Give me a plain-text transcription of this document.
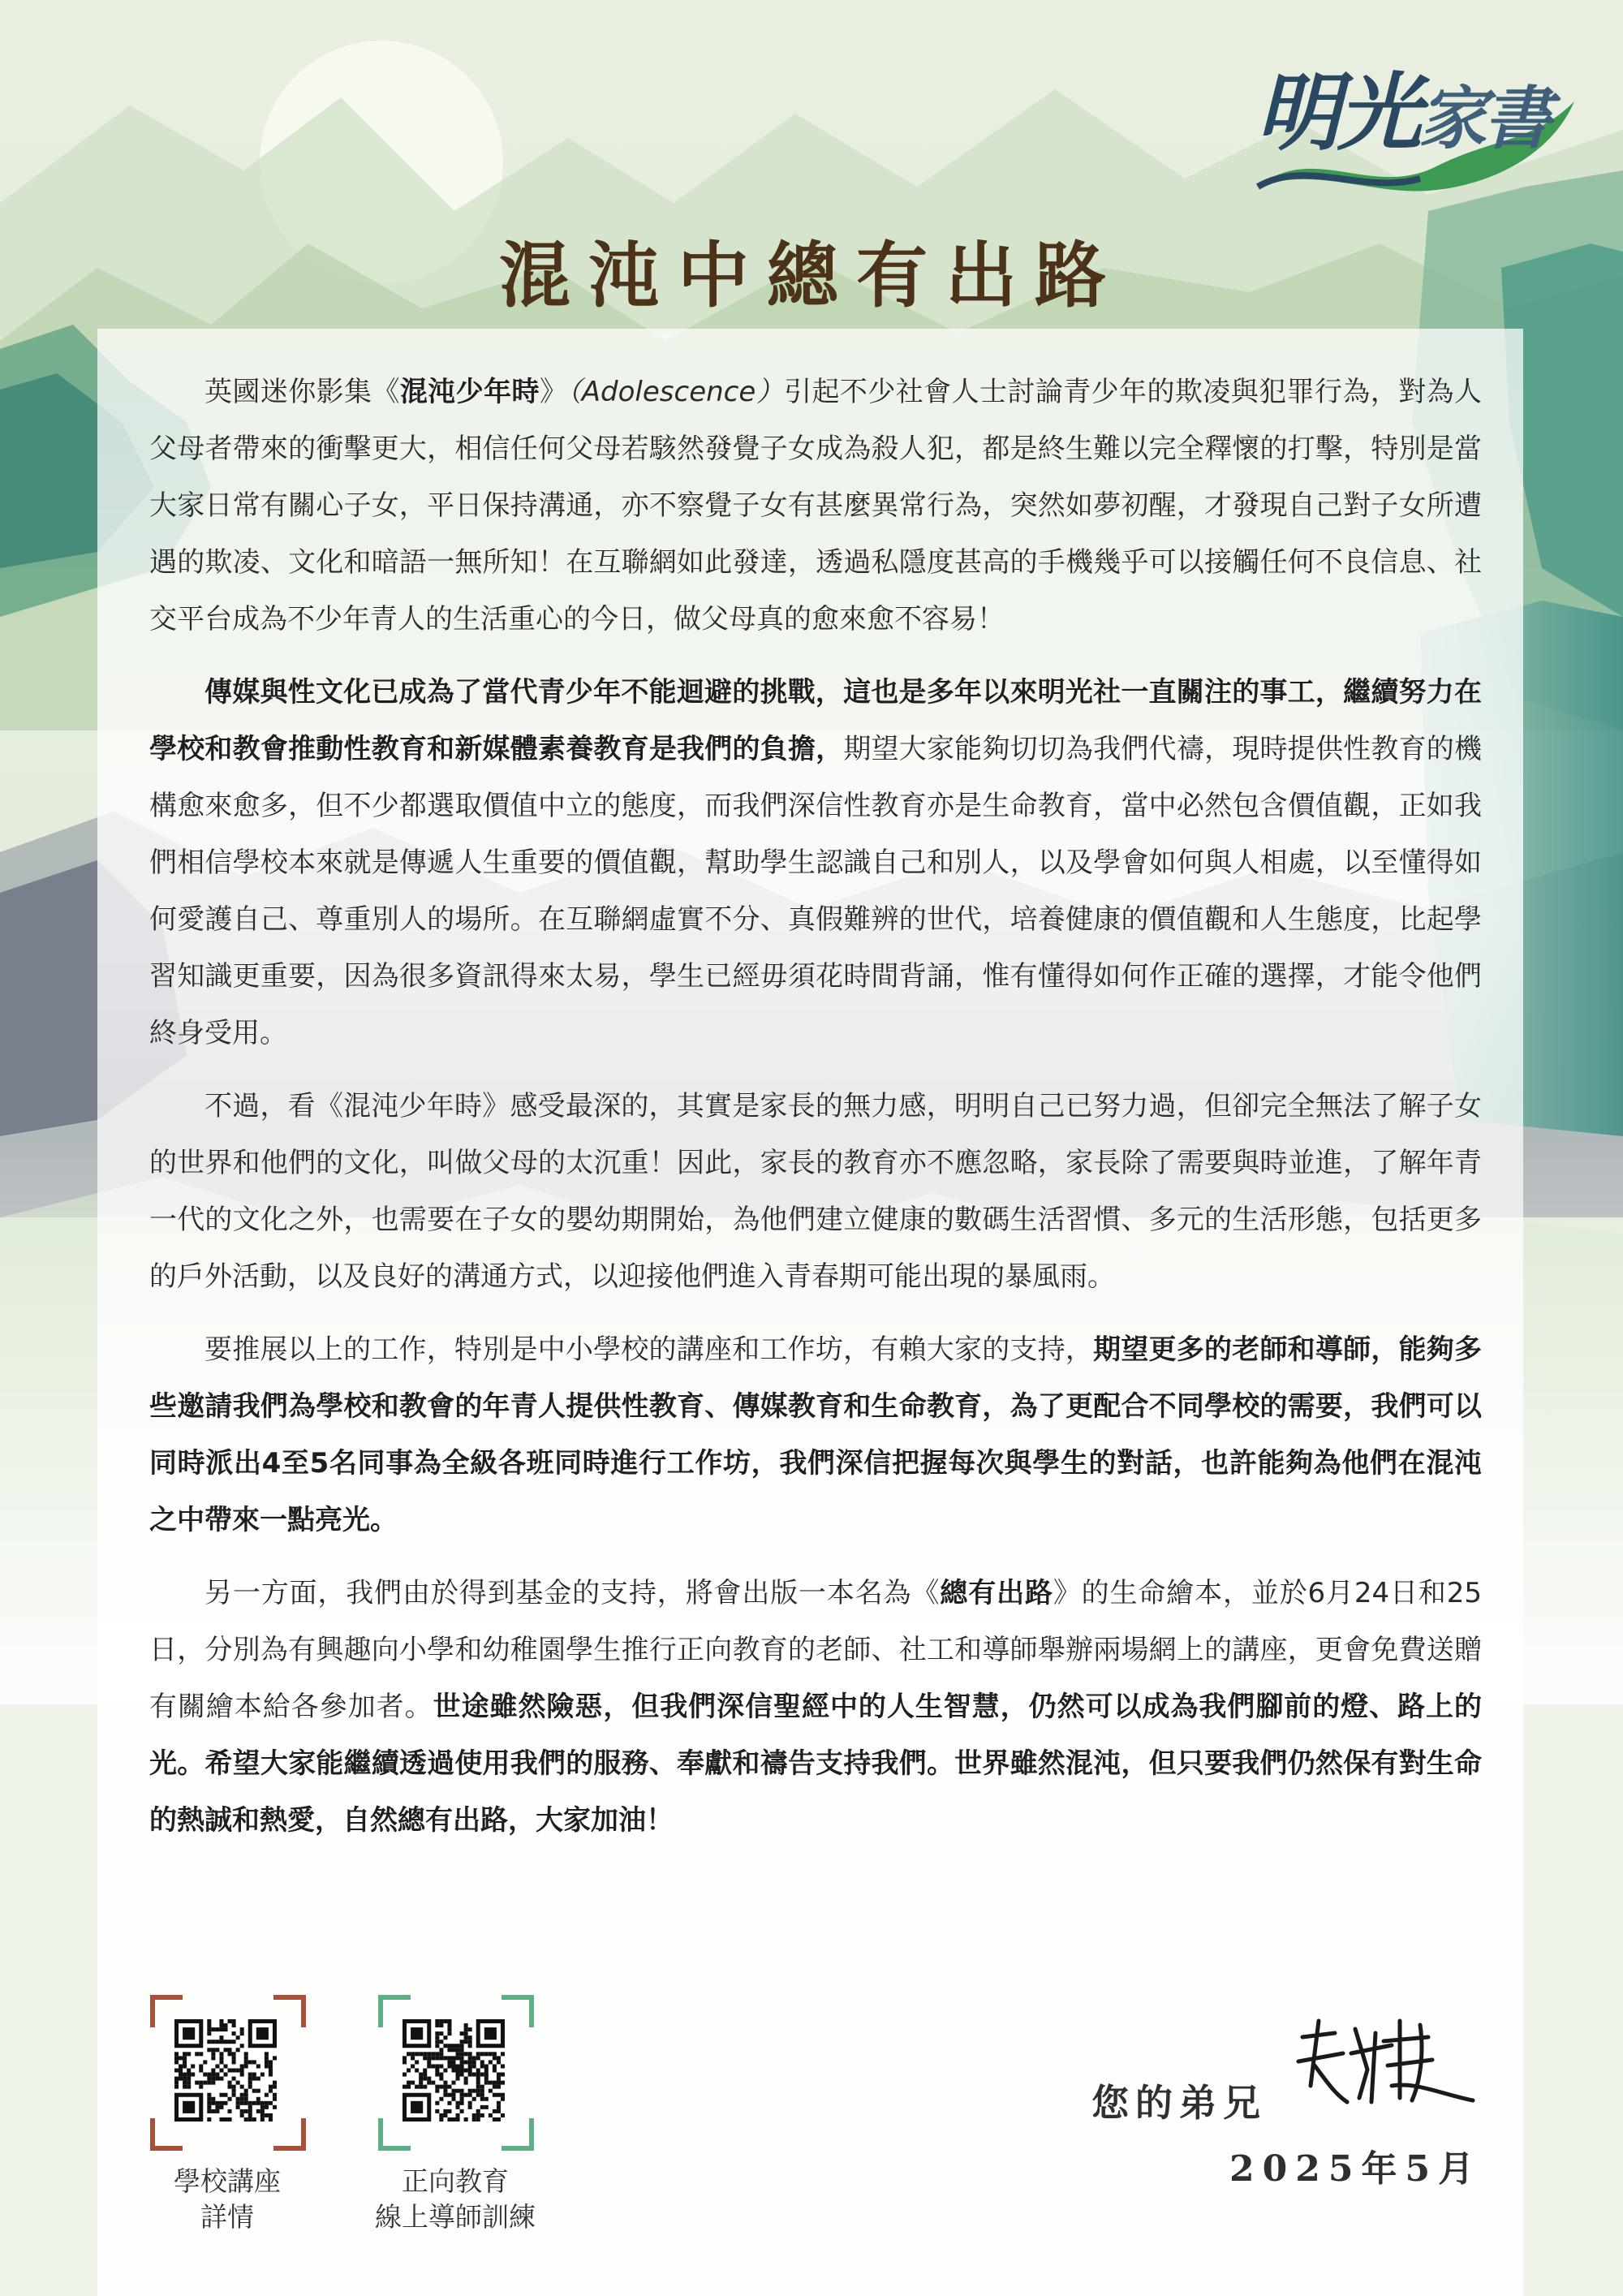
明光家書
混沌中總有出路

英國迷你影集《混沌少年時》（Adolescence）引起不少社會人士討論青少年的欺凌與犯罪行為，對為人父母者帶來的衝擊更大，相信任何父母若駭然發覺子女成為殺人犯，都是終生難以完全釋懷的打擊，特別是當大家日常有關心子女，平日保持溝通，亦不察覺子女有甚麼異常行為，突然如夢初醒，才發現自己對子女所遭遇的欺凌、文化和暗語一無所知！在互聯網如此發達，透過私隱度甚高的手機幾乎可以接觸任何不良信息、社交平台成為不少年青人的生活重心的今日，做父母真的愈來愈不容易！

傳媒與性文化已成為了當代青少年不能迴避的挑戰，這也是多年以來明光社一直關注的事工，繼續努力在學校和教會推動性教育和新媒體素養教育是我們的負擔，期望大家能夠切切為我們代禱，現時提供性教育的機構愈來愈多，但不少都選取價值中立的態度，而我們深信性教育亦是生命教育，當中必然包含價值觀，正如我們相信學校本來就是傳遞人生重要的價值觀，幫助學生認識自己和別人，以及學會如何與人相處，以至懂得如何愛護自己、尊重別人的場所。在互聯網虛實不分、真假難辨的世代，培養健康的價值觀和人生態度，比起學習知識更重要，因為很多資訊得來太易，學生已經毋須花時間背誦，惟有懂得如何作正確的選擇，才能令他們終身受用。

不過，看《混沌少年時》感受最深的，其實是家長的無力感，明明自己已努力過，但卻完全無法了解子女的世界和他們的文化，叫做父母的太沉重！因此，家長的教育亦不應忽略，家長除了需要與時並進，了解年青一代的文化之外，也需要在子女的嬰幼期開始，為他們建立健康的數碼生活習慣、多元的生活形態，包括更多的戶外活動，以及良好的溝通方式，以迎接他們進入青春期可能出現的暴風雨。

要推展以上的工作，特別是中小學校的講座和工作坊，有賴大家的支持，期望更多的老師和導師，能夠多些邀請我們為學校和教會的年青人提供性教育、傳媒教育和生命教育，為了更配合不同學校的需要，我們可以同時派出4至5名同事為全級各班同時進行工作坊，我們深信把握每次與學生的對話，也許能夠為他們在混沌之中帶來一點亮光。

另一方面，我們由於得到基金的支持，將會出版一本名為《總有出路》的生命繪本，並於6月24日和25日，分別為有興趣向小學和幼稚園學生推行正向教育的老師、社工和導師舉辦兩場網上的講座，更會免費送贈有關繪本給各參加者。世途雖然險惡，但我們深信聖經中的人生智慧，仍然可以成為我們腳前的燈、路上的光。希望大家能繼續透過使用我們的服務、奉獻和禱告支持我們。世界雖然混沌，但只要我們仍然保有對生命的熱誠和熱愛，自然總有出路，大家加油！

學校講座
詳情
正向教育
線上導師訓練
您的弟兄
2025年5月
